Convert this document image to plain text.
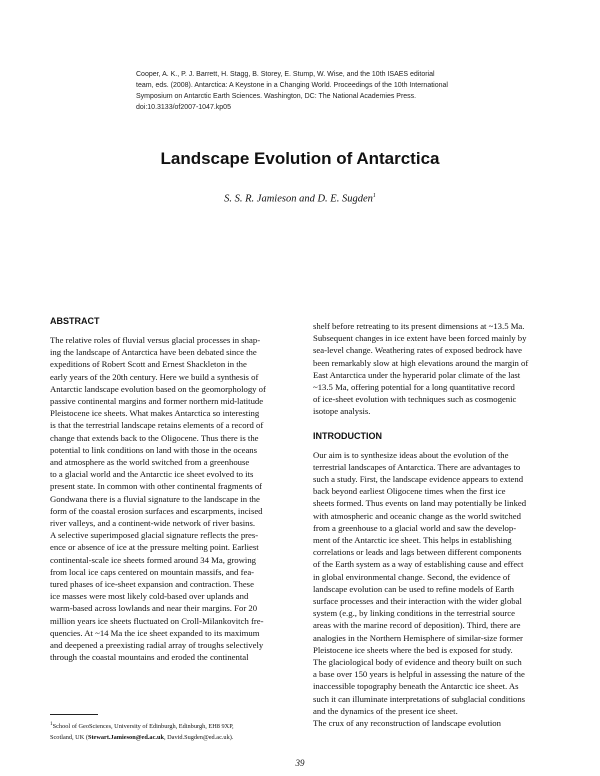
Cooper, A. K., P. J. Barrett, H. Stagg, B. Storey, E. Stump, W. Wise, and the 10th ISAES editorial
team, eds. (2008). Antarctica: A Keystone in a Changing World. Proceedings of the 10th International
Symposium on Antarctic Earth Sciences. Washington, DC: The National Academies Press.
doi:10.3133/of2007-1047.kp05
Landscape Evolution of Antarctica
S. S. R. Jamieson and D. E. Sugden$^1$
ABSTRACT
The relative roles of fluvial versus glacial processes in shap-
ing the landscape of Antarctica have been debated since the
expeditions of Robert Scott and Ernest Shackleton in the
early years of the 20th century. Here we build a synthesis of
Antarctic landscape evolution based on the geomorphology of
passive continental margins and former northern mid-latitude
Pleistocene ice sheets. What makes Antarctica so interesting
is that the terrestrial landscape retains elements of a record of
change that extends back to the Oligocene. Thus there is the
potential to link conditions on land with those in the oceans
and atmosphere as the world switched from a greenhouse
to a glacial world and the Antarctic ice sheet evolved to its
present state. In common with other continental fragments of
Gondwana there is a fluvial signature to the landscape in the
form of the coastal erosion surfaces and escarpments, incised
river valleys, and a continent-wide network of river basins.
A selective superimposed glacial signature reflects the pres-
ence or absence of ice at the pressure melting point. Earliest
continental-scale ice sheets formed around 34 Ma, growing
from local ice caps centered on mountain massifs, and fea-
tured phases of ice-sheet expansion and contraction. These
ice masses were most likely cold-based over uplands and
warm-based across lowlands and near their margins. For 20
million years ice sheets fluctuated on Croll-Milankovitch fre-
quencies. At ~14 Ma the ice sheet expanded to its maximum
and deepened a preexisting radial array of troughs selectively
through the coastal mountains and eroded the continental
shelf before retreating to its present dimensions at ~13.5 Ma.
Subsequent changes in ice extent have been forced mainly by
sea-level change. Weathering rates of exposed bedrock have
been remarkably slow at high elevations around the margin of
East Antarctica under the hyperarid polar climate of the last
~13.5 Ma, offering potential for a long quantitative record
of ice-sheet evolution with techniques such as cosmogenic
isotope analysis.
INTRODUCTION
Our aim is to synthesize ideas about the evolution of the
terrestrial landscapes of Antarctica. There are advantages to
such a study. First, the landscape evidence appears to extend
back beyond earliest Oligocene times when the first ice
sheets formed. Thus events on land may potentially be linked
with atmospheric and oceanic change as the world switched
from a greenhouse to a glacial world and saw the develop-
ment of the Antarctic ice sheet. This helps in establishing
correlations or leads and lags between different components
of the Earth system as a way of establishing cause and effect
in global environmental change. Second, the evidence of
landscape evolution can be used to refine models of Earth
surface processes and their interaction with the wider global
system (e.g., by linking conditions in the terrestrial source
areas with the marine record of deposition). Third, there are
analogies in the Northern Hemisphere of similar-size former
Pleistocene ice sheets where the bed is exposed for study.
The glaciological body of evidence and theory built on such
a base over 150 years is helpful in assessing the nature of the
inaccessible topography beneath the Antarctic ice sheet. As
such it can illuminate interpretations of subglacial conditions
and the dynamics of the present ice sheet.
The crux of any reconstruction of landscape evolution
$^1$School of GeoSciences, University of Edinburgh, Edinburgh, EH8 9XP,
Scotland, UK (Stewart.Jamieson@ed.ac.uk, David.Sugden@ed.ac.uk).
39
